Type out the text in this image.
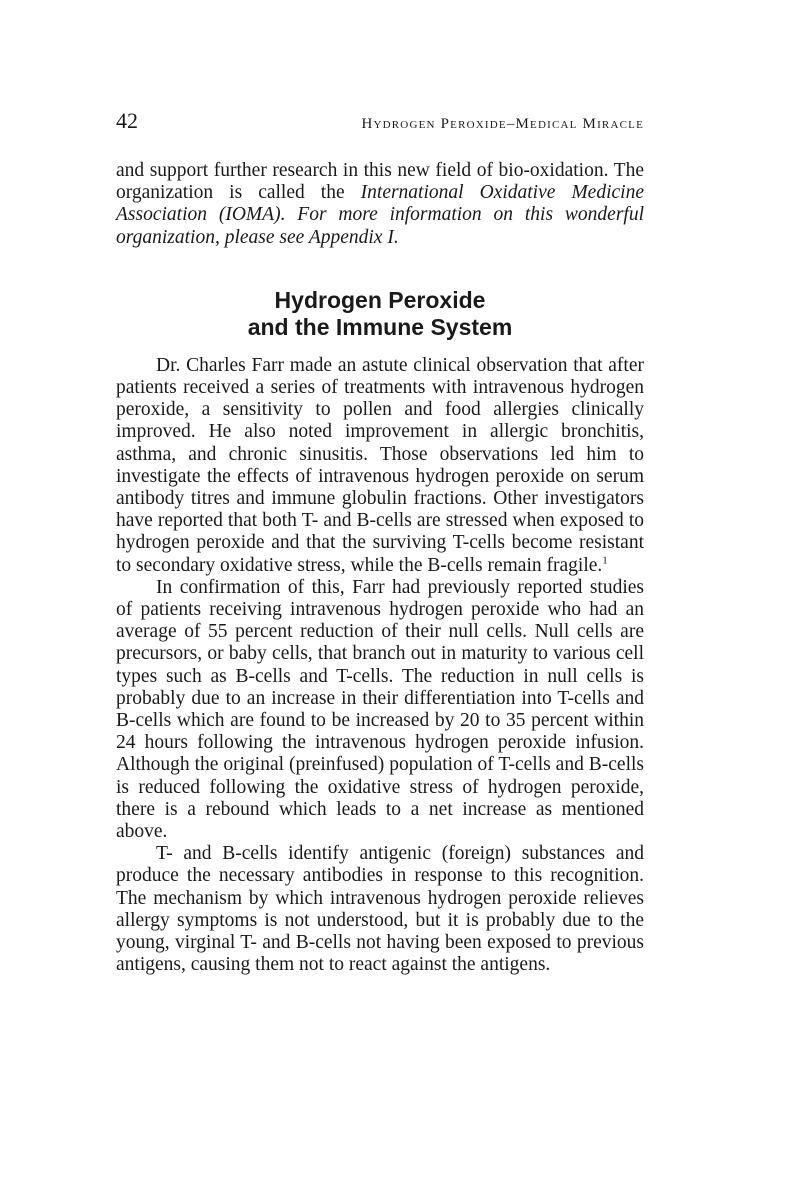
42	Hydrogen Peroxide–Medical Miracle

and support further research in this new field of bio-oxidation. The organization is called the International Oxidative Medicine Association (IOMA). For more information on this wonderful organization, please see Appendix I.

Hydrogen Peroxide
and the Immune System

Dr. Charles Farr made an astute clinical observation that after patients received a series of treatments with intravenous hydrogen peroxide, a sensitivity to pollen and food allergies clinically improved. He also noted improvement in allergic bronchitis, asthma, and chronic sinusitis. Those observations led him to investigate the effects of intravenous hydrogen peroxide on serum antibody titres and immune globulin fractions. Other investigators have reported that both T- and B-cells are stressed when exposed to hydrogen peroxide and that the surviving T-cells become resistant to secondary oxidative stress, while the B-cells remain fragile.$^1$

In confirmation of this, Farr had previously reported studies of patients receiving intravenous hydrogen peroxide who had an average of 55 percent reduction of their null cells. Null cells are precursors, or baby cells, that branch out in maturity to various cell types such as B-cells and T-cells. The reduction in null cells is probably due to an increase in their differentiation into T-cells and B-cells which are found to be increased by 20 to 35 percent within 24 hours following the intravenous hydrogen peroxide infusion. Although the original (preinfused) population of T-cells and B-cells is reduced following the oxidative stress of hydrogen peroxide, there is a rebound which leads to a net increase as mentioned above.

T- and B-cells identify antigenic (foreign) substances and produce the necessary antibodies in response to this recognition. The mechanism by which intravenous hydrogen peroxide relieves allergy symptoms is not understood, but it is probably due to the young, virginal T- and B-cells not having been exposed to previous antigens, causing them not to react against the antigens.
